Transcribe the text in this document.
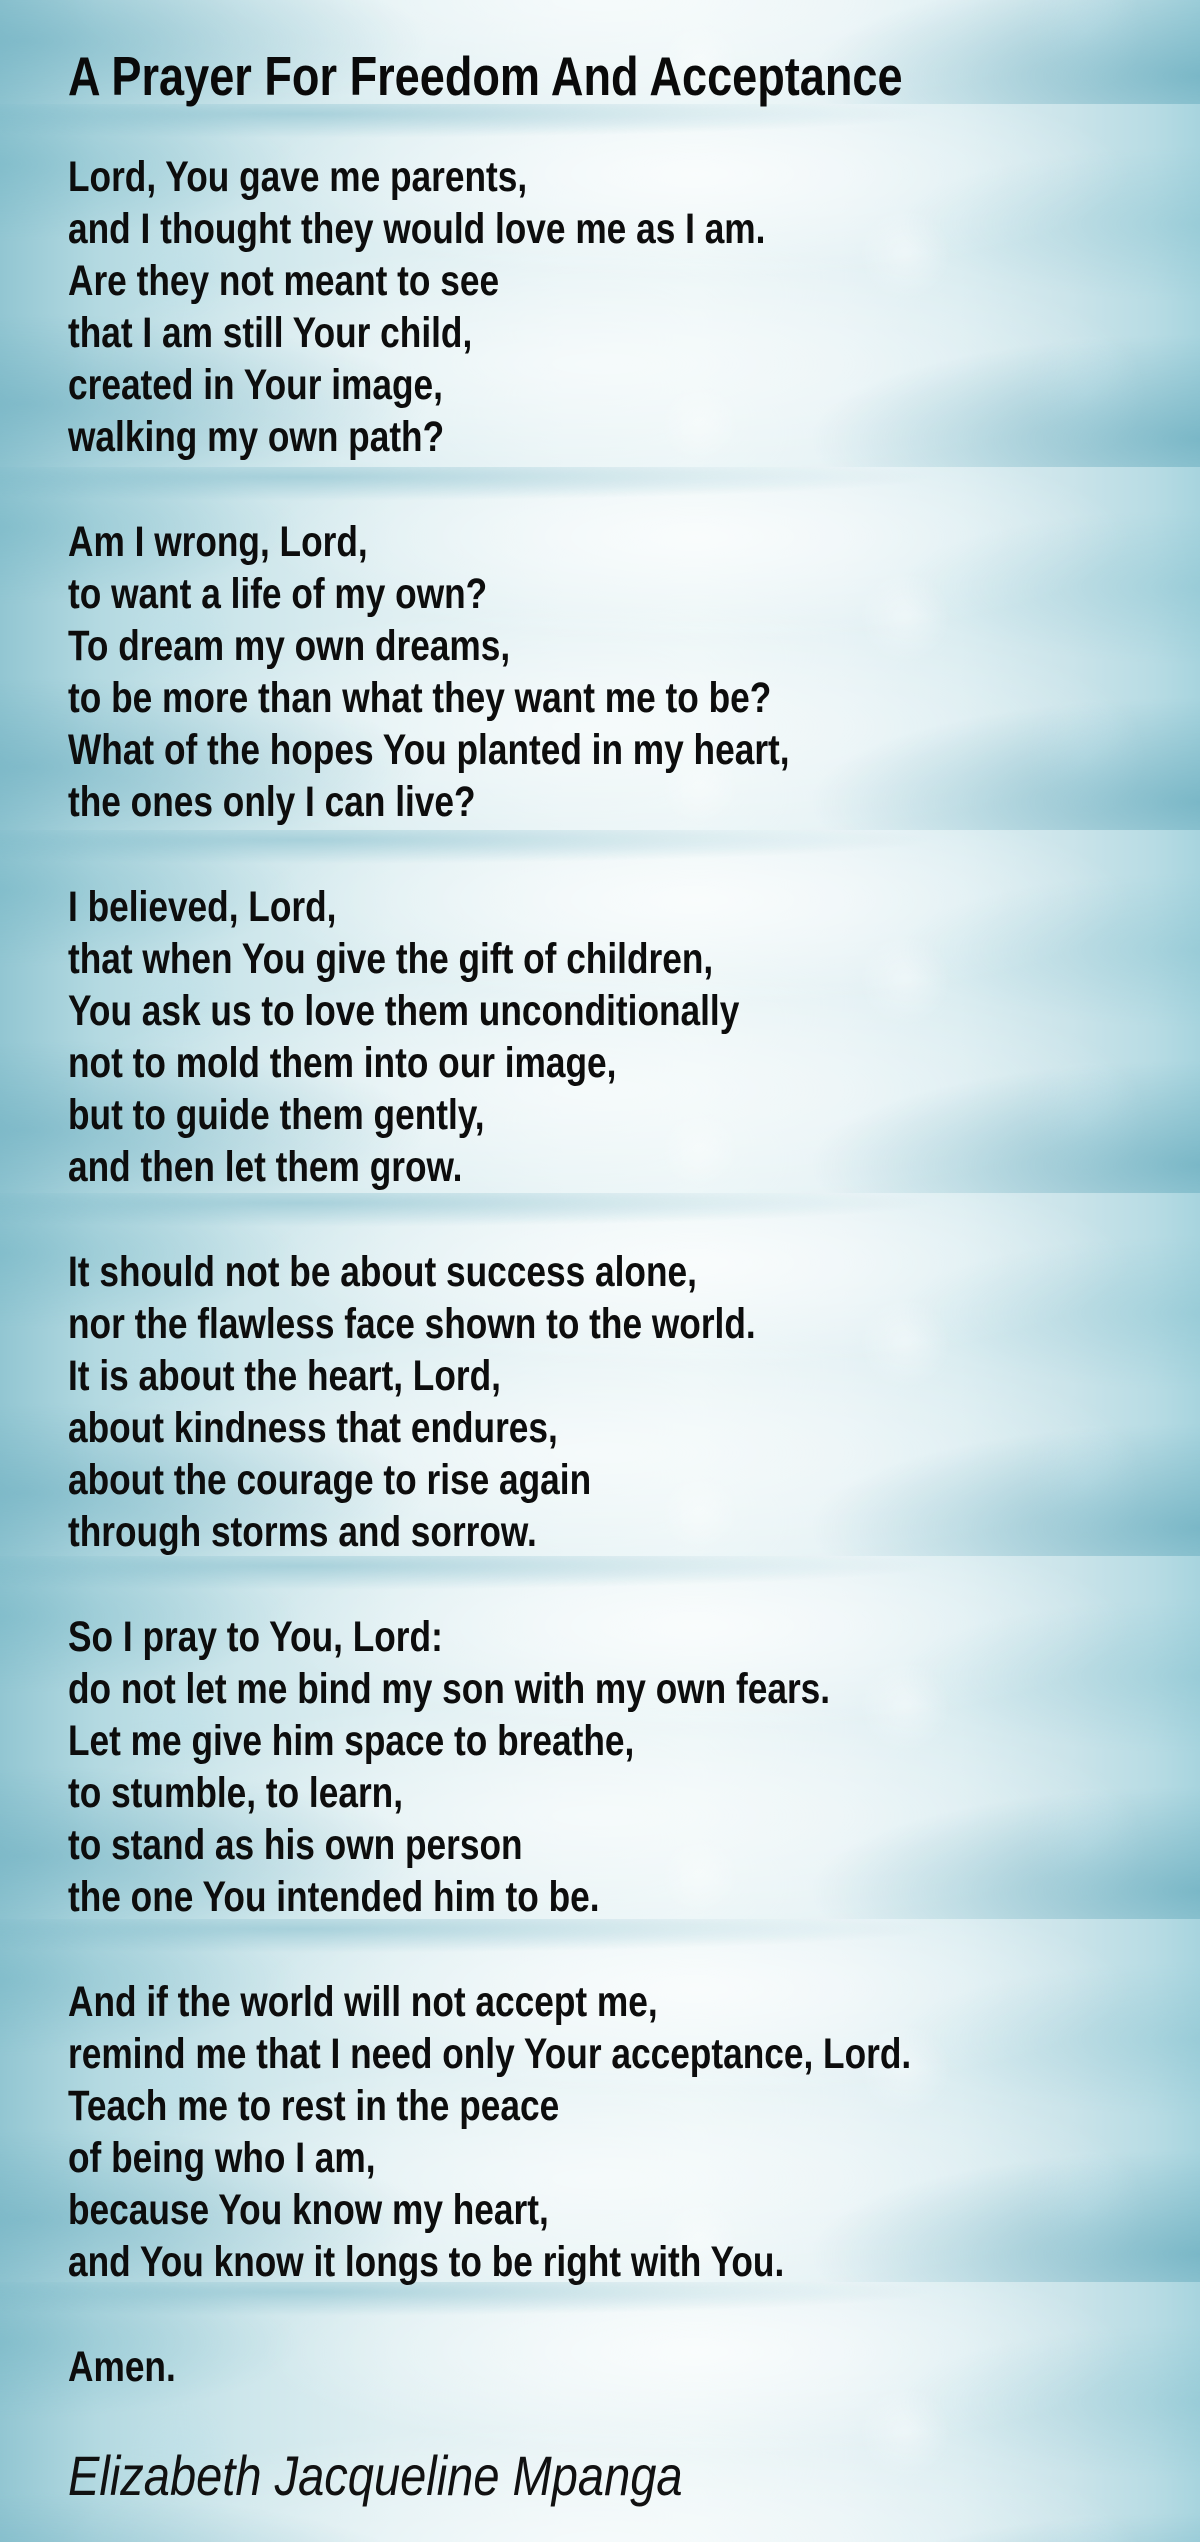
A Prayer For Freedom And Acceptance
Lord, You gave me parents,
and I thought they would love me as I am.
Are they not meant to see
that I am still Your child,
created in Your image,
walking my own path?
Am I wrong, Lord,
to want a life of my own?
To dream my own dreams,
to be more than what they want me to be?
What of the hopes You planted in my heart,
the ones only I can live?
I believed, Lord,
that when You give the gift of children,
You ask us to love them unconditionally
not to mold them into our image,
but to guide them gently,
and then let them grow.
It should not be about success alone,
nor the flawless face shown to the world.
It is about the heart, Lord,
about kindness that endures,
about the courage to rise again
through storms and sorrow.
So I pray to You, Lord:
do not let me bind my son with my own fears.
Let me give him space to breathe,
to stumble, to learn,
to stand as his own person
the one You intended him to be.
And if the world will not accept me,
remind me that I need only Your acceptance, Lord.
Teach me to rest in the peace
of being who I am,
because You know my heart,
and You know it longs to be right with You.
Amen.
Elizabeth Jacqueline Mpanga
